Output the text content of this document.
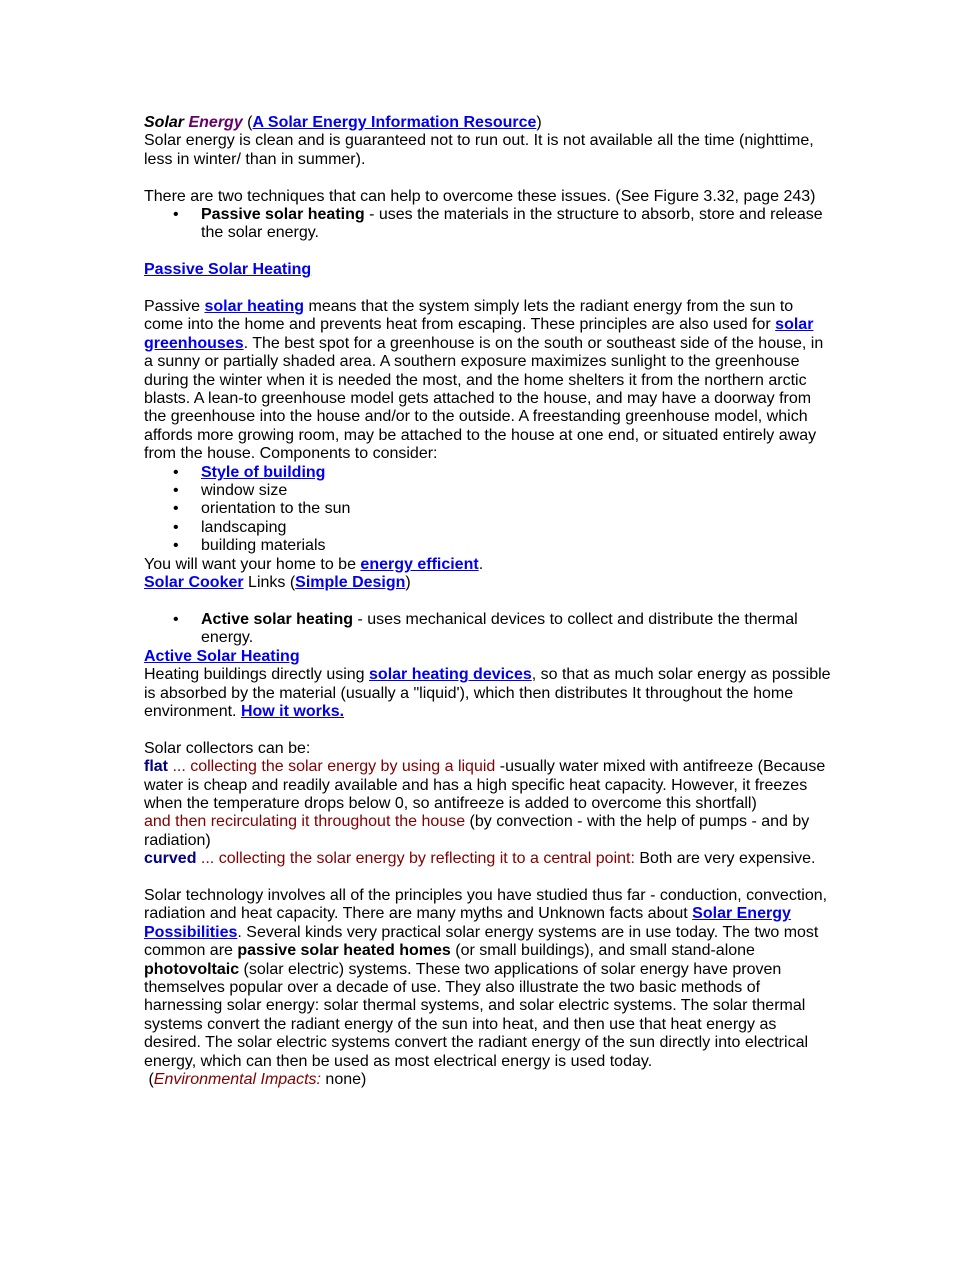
Solar Energy (A Solar Energy Information Resource)

Solar energy is clean and is guaranteed not to run out. It is not available all the time (nighttime, less in winter/ than in summer).

There are two techniques that can help to overcome these issues. (See Figure 3.32, page 243)

• Passive solar heating - uses the materials in the structure to absorb, store and release the solar energy.

Passive Solar Heating

Passive solar heating means that the system simply lets the radiant energy from the sun to come into the home and prevents heat from escaping. These principles are also used for solar greenhouses. The best spot for a greenhouse is on the south or southeast side of the house, in a sunny or partially shaded area. A southern exposure maximizes sunlight to the greenhouse during the winter when it is needed the most, and the home shelters it from the northern arctic blasts. A lean-to greenhouse model gets attached to the house, and may have a doorway from the greenhouse into the house and/or to the outside. A freestanding greenhouse model, which affords more growing room, may be attached to the house at one end, or situated entirely away from the house. Components to consider:

• Style of building
• window size
• orientation to the sun
• landscaping
• building materials

You will want your home to be energy efficient.

Solar Cooker Links (Simple Design)

• Active solar heating - uses mechanical devices to collect and distribute the thermal energy.

Active Solar Heating

Heating buildings directly using solar heating devices, so that as much solar energy as possible is absorbed by the material (usually a "liquid'), which then distributes It throughout the home environment. How it works.

Solar collectors can be:

flat ... collecting the solar energy by using a liquid -usually water mixed with antifreeze (Because water is cheap and readily available and has a high specific heat capacity. However, it freezes when the temperature drops below 0, so antifreeze is added to overcome this shortfall)

and then recirculating it throughout the house (by convection - with the help of pumps - and by radiation)

curved ... collecting the solar energy by reflecting it to a central point: Both are very expensive.

Solar technology involves all of the principles you have studied thus far - conduction, convection, radiation and heat capacity. There are many myths and Unknown facts about Solar Energy Possibilities. Several kinds very practical solar energy systems are in use today. The two most common are passive solar heated homes (or small buildings), and small stand-alone photovoltaic (solar electric) systems. These two applications of solar energy have proven themselves popular over a decade of use. They also illustrate the two basic methods of harnessing solar energy: solar thermal systems, and solar electric systems. The solar thermal systems convert the radiant energy of the sun into heat, and then use that heat energy as desired. The solar electric systems convert the radiant energy of the sun directly into electrical energy, which can then be used as most electrical energy is used today.

(Environmental Impacts: none)
